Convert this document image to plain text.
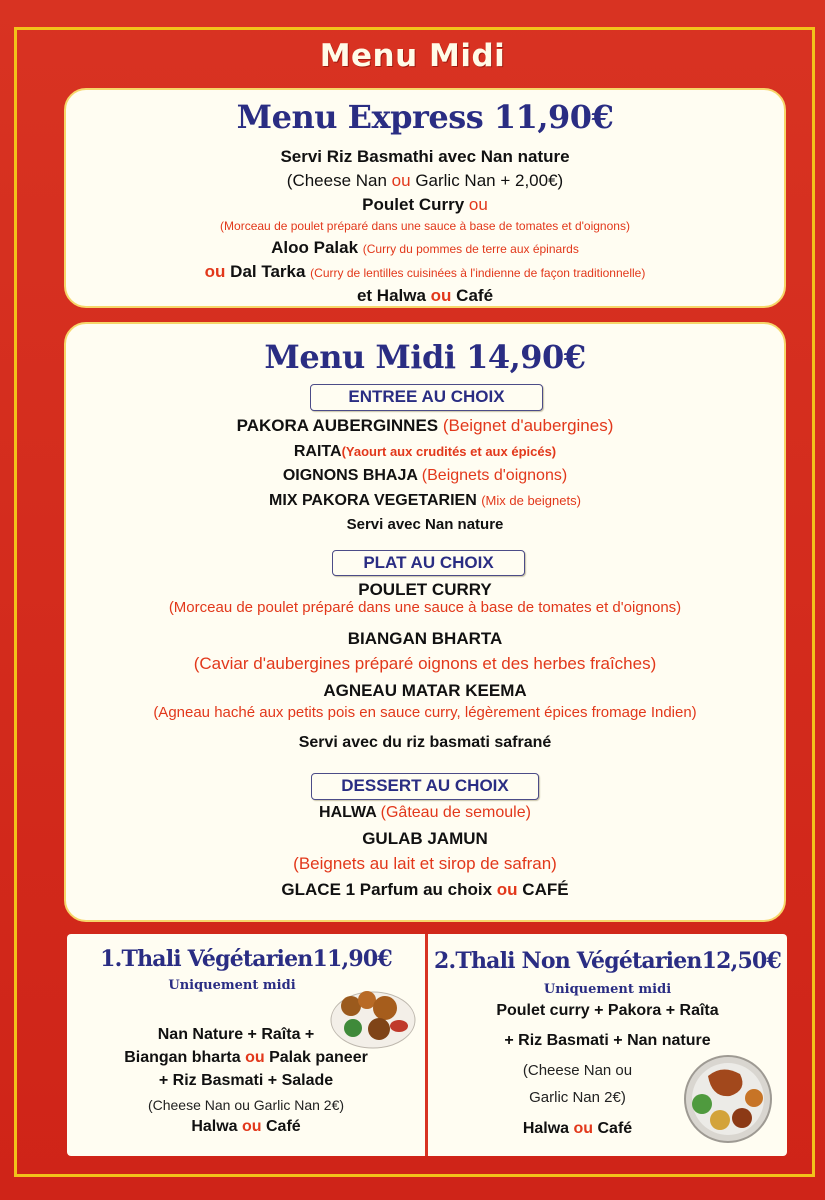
Menu Midi
Menu Express 11,90€
Servi Riz Basmathi avec Nan nature
(Cheese Nan ou Garlic Nan + 2,00€)
Poulet Curry ou
(Morceau de poulet préparé dans une sauce à base de tomates et d'oignons)
Aloo Palak (Curry du pommes de terre aux épinards
ou Dal Tarka (Curry de lentilles cuisinées à l'indienne de façon traditionnelle)
et Halwa ou Café
Menu Midi 14,90€
ENTREE AU CHOIX
PAKORA AUBERGINNES (Beignet d'aubergines)
RAITA(Yaourt aux crudités et aux épicés)
OIGNONS BHAJA (Beignets d'oignons)
MIX PAKORA VEGETARIEN (Mix de beignets)
Servi avec Nan nature
PLAT AU CHOIX
POULET CURRY
(Morceau de poulet préparé dans une sauce à base de tomates et d'oignons)
BIANGAN BHARTA
(Caviar d'aubergines préparé oignons et des herbes fraîches)
AGNEAU MATAR KEEMA
(Agneau haché aux petits pois en sauce curry, légèrement épices fromage Indien)
Servi avec du riz basmati safrané
DESSERT AU CHOIX
HALWA (Gâteau de semoule)
GULAB JAMUN
(Beignets au lait et sirop de safran)
GLACE 1 Parfum au choix ou CAFÉ
1.Thali Végétarien11,90€
Uniquement midi
Nan Nature + Raîta +
Biangan bharta ou Palak paneer
+ Riz Basmati + Salade
(Cheese Nan ou Garlic Nan 2€)
Halwa ou Café
2.Thali Non Végétarien12,50€
Uniquement midi
Poulet curry + Pakora + Raîta
+ Riz Basmati + Nan nature
(Cheese Nan ou
Garlic Nan 2€)
Halwa ou Café
